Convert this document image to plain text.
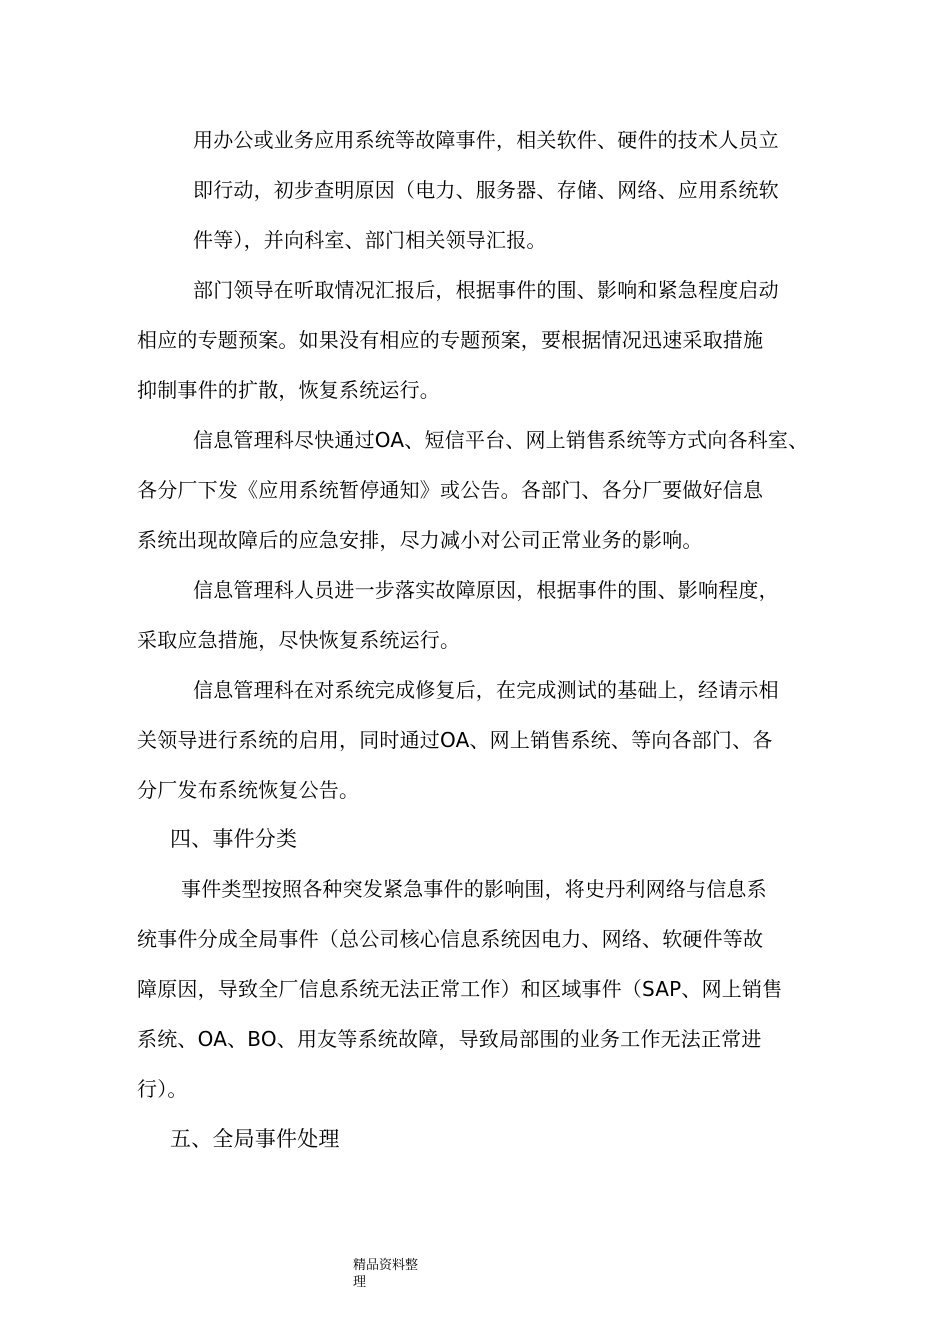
用办公或业务应用系统等故障事件，相关软件、硬件的技术人员立
即行动，初步查明原因（电力、服务器、存储、网络、应用系统软
件等），并向科室、部门相关领导汇报。
部门领导在听取情况汇报后，根据事件的围、影响和紧急程度启动
相应的专题预案。如果没有相应的专题预案，要根据情况迅速采取措施
抑制事件的扩散，恢复系统运行。
信息管理科尽快通过OA、短信平台、网上销售系统等方式向各科室、
各分厂下发《应用系统暂停通知》或公告。各部门、各分厂要做好信息
系统出现故障后的应急安排，尽力减小对公司正常业务的影响。
信息管理科人员进一步落实故障原因，根据事件的围、影响程度，
采取应急措施，尽快恢复系统运行。
信息管理科在对系统完成修复后，在完成测试的基础上，经请示相
关领导进行系统的启用，同时通过OA、网上销售系统、等向各部门、各
分厂发布系统恢复公告。
四、事件分类
事件类型按照各种突发紧急事件的影响围，将史丹利网络与信息系
统事件分成全局事件（总公司核心信息系统因电力、网络、软硬件等故
障原因，导致全厂信息系统无法正常工作）和区域事件（SAP、网上销售
系统、OA、BO、用友等系统故障，导致局部围的业务工作无法正常进
行）。
五、全局事件处理
精品资料整
理
